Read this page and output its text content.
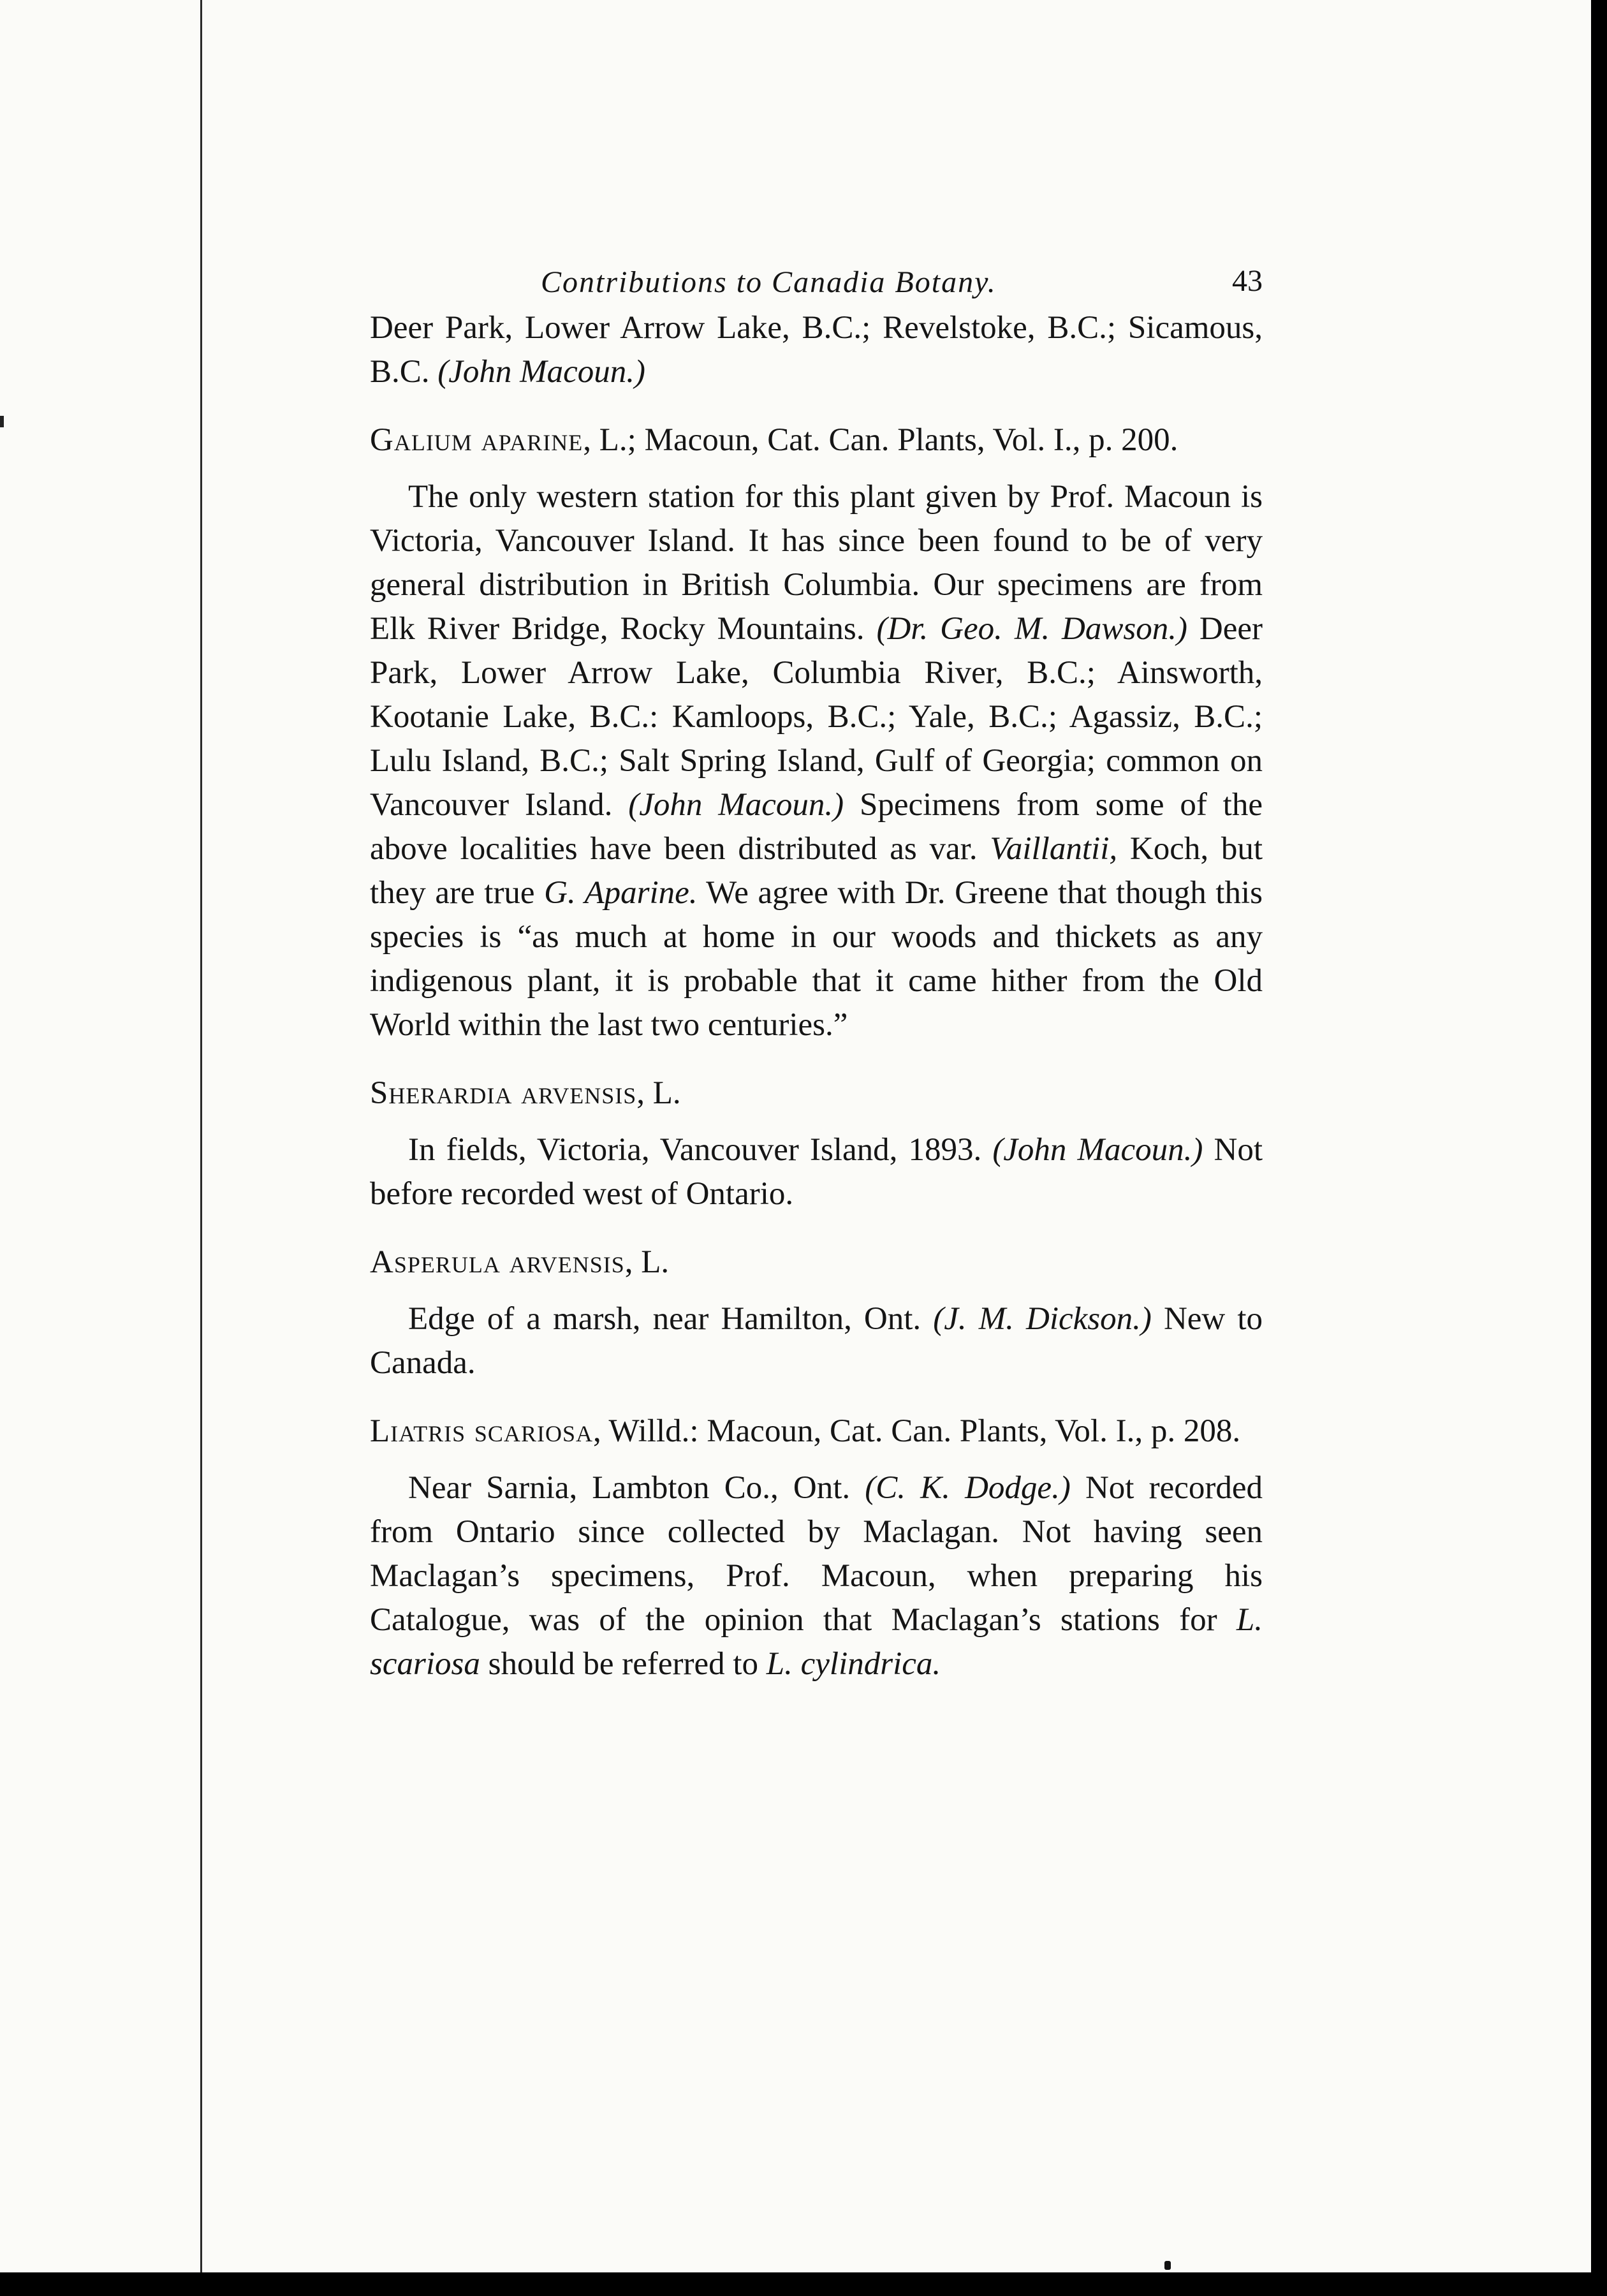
Contributions to Canadia Botany.	43

Deer Park, Lower Arrow Lake, B.C.; Revelstoke, B.C.; Sicamous, B.C. (John Macoun.)

Galium aparine, L.; Macoun, Cat. Can. Plants, Vol. I., p. 200.

The only western station for this plant given by Prof. Macoun is Victoria, Vancouver Island. It has since been found to be of very general distribution in British Columbia. Our specimens are from Elk River Bridge, Rocky Mountains. (Dr. Geo. M. Dawson.) Deer Park, Lower Arrow Lake, Columbia River, B.C.; Ainsworth, Kootanie Lake, B.C.: Kamloops, B.C.; Yale, B.C.; Agassiz, B.C.; Lulu Island, B.C.; Salt Spring Island, Gulf of Georgia; common on Vancouver Island. (John Macoun.) Specimens from some of the above localities have been distributed as var. Vaillantii, Koch, but they are true G. Aparine. We agree with Dr. Greene that though this species is “as much at home in our woods and thickets as any indigenous plant, it is probable that it came hither from the Old World within the last two centuries.”

Sherardia arvensis, L.

In fields, Victoria, Vancouver Island, 1893. (John Macoun.) Not before recorded west of Ontario.

Asperula arvensis, L.

Edge of a marsh, near Hamilton, Ont. (J. M. Dickson.) New to Canada.

Liatris scariosa, Willd.: Macoun, Cat. Can. Plants, Vol. I., p. 208.

Near Sarnia, Lambton Co., Ont. (C. K. Dodge.) Not recorded from Ontario since collected by Maclagan. Not having seen Maclagan’s specimens, Prof. Macoun, when preparing his Catalogue, was of the opinion that Maclagan’s stations for L. scariosa should be referred to L. cylindrica.
